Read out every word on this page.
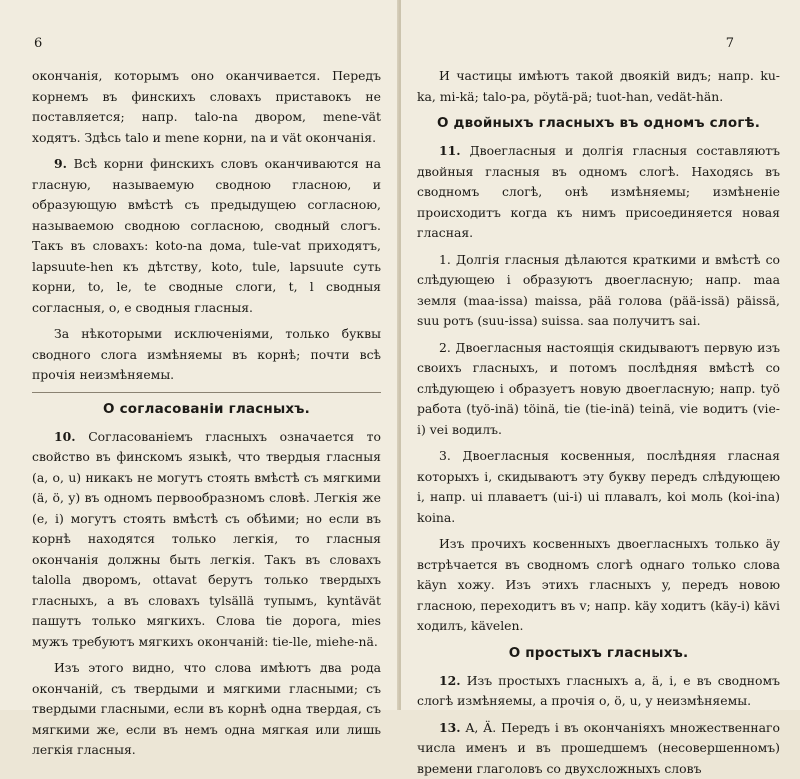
6

окончанія, которымъ оно оканчивается. Передъ корнемъ въ финскихъ словахъ приставокъ не поставляется; напр. talo-na двором, mene-vät ходятъ. Здѣсь talo и mene корни, na и vät окончанія.

9. Всѣ корни финскихъ словъ оканчиваются на гласную, называемую сводною гласною, и образующую вмѣстѣ съ предыдущею согласною, называемою сводною согласною, сводный слогъ. Такъ въ словахъ: koto-na дома, tule-vat приходятъ, lapsuute-hen къ дѣтству, koto, tule, lapsuute суть корни, to, le, te сводные слоги, t, l сводныя согласныя, o, e сводныя гласныя.

За нѣкоторыми исключеніями, только буквы сводного слога измѣняемы въ корнѣ; почти всѣ прочія неизмѣняемы.

О согласованіи гласныхъ.

10. Согласованіемъ гласныхъ означается то свойство въ финскомъ языкѣ, что твердыя гласныя (a, o, u) никакъ не могутъ стоять вмѣстѣ съ мягкими (ä, ö, y) въ одномъ первообразномъ словѣ. Легкія же (e, i) могутъ стоять вмѣстѣ съ обѣими; но если въ корнѣ находятся только легкія, то гласныя окончанія должны быть легкія. Такъ въ словахъ talolla дворомъ, ottavat берутъ только твердыхъ гласныхъ, а въ словахъ tylsällä тупымъ, kyntävät пашутъ только мягкихъ. Слова tie дорога, mies мужъ требуютъ мягкихъ окончаній: tie-lle, miehe-nä.

Изъ этого видно, что слова имѣютъ два рода окончаній, съ твердыми и мягкими гласными; съ твердыми гласными, если въ корнѣ одна твердая, съ мягкими же, если въ немъ одна мягкая или лишь легкія гласныя.

7

И частицы имѣютъ такой двоякій видъ; напр. ku-ka, mi-kä; talo-pa, pöytä-pä; tuot-han, vedät-hän.

О двойныхъ гласныхъ въ одномъ слогѣ.

11. Двоегласныя и долгія гласныя составляютъ двойныя гласныя въ одномъ слогѣ. Находясь въ сводномъ слогѣ, онѣ измѣняемы; измѣненіе происходитъ когда къ нимъ присоединяется новая гласная.

1. Долгія гласныя дѣлаются краткими и вмѣстѣ со слѣдующею i образуютъ двоегласную; напр. maa земля (maa-issa) maissa, pää голова (pää-issä) päissä, suu ротъ (suu-issa) suissa. saa получитъ sai.

2. Двоегласныя настоящія скидываютъ первую изъ своихъ гласныхъ, и потомъ послѣдняя вмѣстѣ со слѣдующею i образуетъ новую двоегласную; напр. työ работа (työ-inä) töinä, tie (tie-inä) teinä, vie водитъ (vie-i) vei водилъ.

3. Двоегласныя косвенныя, послѣдняя гласная которыхъ i, скидываютъ эту букву передъ слѣдующею i, напр. ui плаваетъ (ui-i) ui плавалъ, koi моль (koi-ina) koina.

Изъ прочихъ косвенныхъ двоегласныхъ только äy встрѣчается въ сводномъ слогѣ однаго только слова käyn хожу. Изъ этихъ гласныхъ y, передъ новою гласною, переходитъ въ v; напр. käy ходитъ (käy-i) kävi ходилъ, kävelen.

О простыхъ гласныхъ.

12. Изъ простыхъ гласныхъ a, ä, i, e въ сводномъ слогѣ измѣняемы, а прочія o, ö, u, y неизмѣняемы.

13. A, Ä. Передъ i въ окончаніяхъ множественнаго числа именъ и въ прошедшемъ (несовершенномъ) времени глаголовъ со двухсложныхъ словъ
